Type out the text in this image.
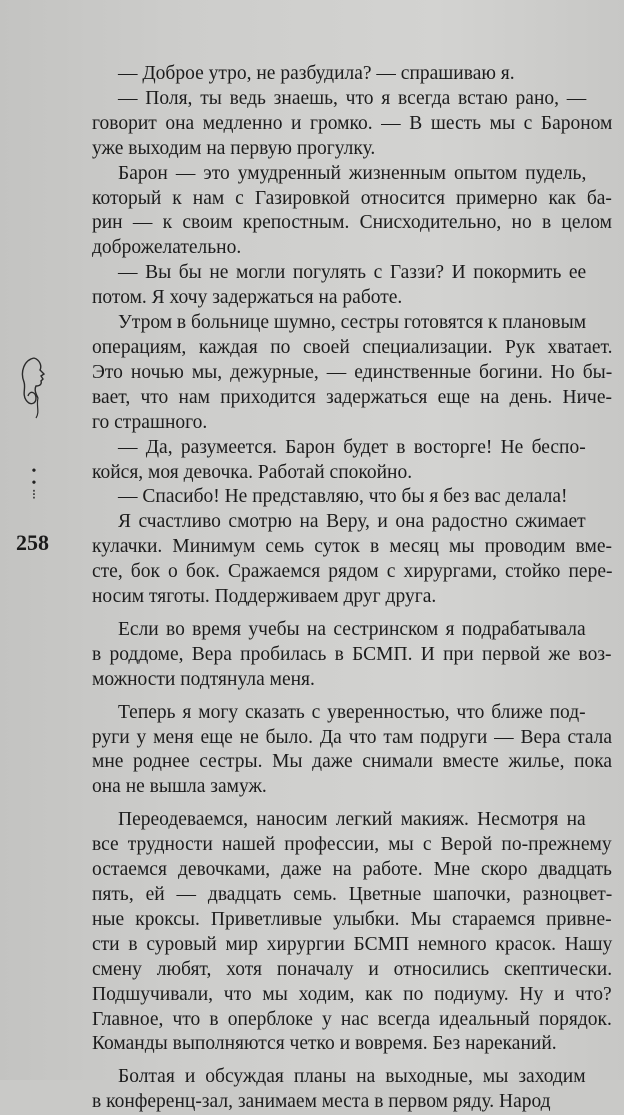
•
•
⁝
258
— Доброе утро, не разбудила? — спрашиваю я.
— Поля, ты ведь знаешь, что я всегда встаю рано, —
говорит она медленно и громко. — В шесть мы с Бароном
уже выходим на первую прогулку.
Барон — это умудренный жизненным опытом пудель,
который к нам с Газировкой относится примерно как ба-
рин — к своим крепостным. Снисходительно, но в целом
доброжелательно.
— Вы бы не могли погулять с Газзи? И покормить ее
потом. Я хочу задержаться на работе.
Утром в больнице шумно, сестры готовятся к плановым
операциям, каждая по своей специализации. Рук хватает.
Это ночью мы, дежурные, — единственные богини. Но бы-
вает, что нам приходится задержаться еще на день. Ниче-
го страшного.
— Да, разумеется. Барон будет в восторге! Не беспо-
койся, моя девочка. Работай спокойно.
— Спасибо! Не представляю, что бы я без вас делала!
Я счастливо смотрю на Веру, и она радостно сжимает
кулачки. Минимум семь суток в месяц мы проводим вме-
сте, бок о бок. Сражаемся рядом с хирургами, стойко пере-
носим тяготы. Поддерживаем друг друга.
Если во время учебы на сестринском я подрабатывала
в роддоме, Вера пробилась в БСМП. И при первой же воз-
можности подтянула меня.
Теперь я могу сказать с уверенностью, что ближе под-
руги у меня еще не было. Да что там подруги — Вера стала
мне роднее сестры. Мы даже снимали вместе жилье, пока
она не вышла замуж.
Переодеваемся, наносим легкий макияж. Несмотря на
все трудности нашей профессии, мы с Верой по-прежнему
остаемся девочками, даже на работе. Мне скоро двадцать
пять, ей — двадцать семь. Цветные шапочки, разноцвет-
ные кроксы. Приветливые улыбки. Мы стараемся привне-
сти в суровый мир хирургии БСМП немного красок. Нашу
смену любят, хотя поначалу и относились скептически.
Подшучивали, что мы ходим, как по подиуму. Ну и что?
Главное, что в оперблоке у нас всегда идеальный порядок.
Команды выполняются четко и вовремя. Без нареканий.
Болтая и обсуждая планы на выходные, мы заходим
в конференц-зал, занимаем места в первом ряду. Народ
